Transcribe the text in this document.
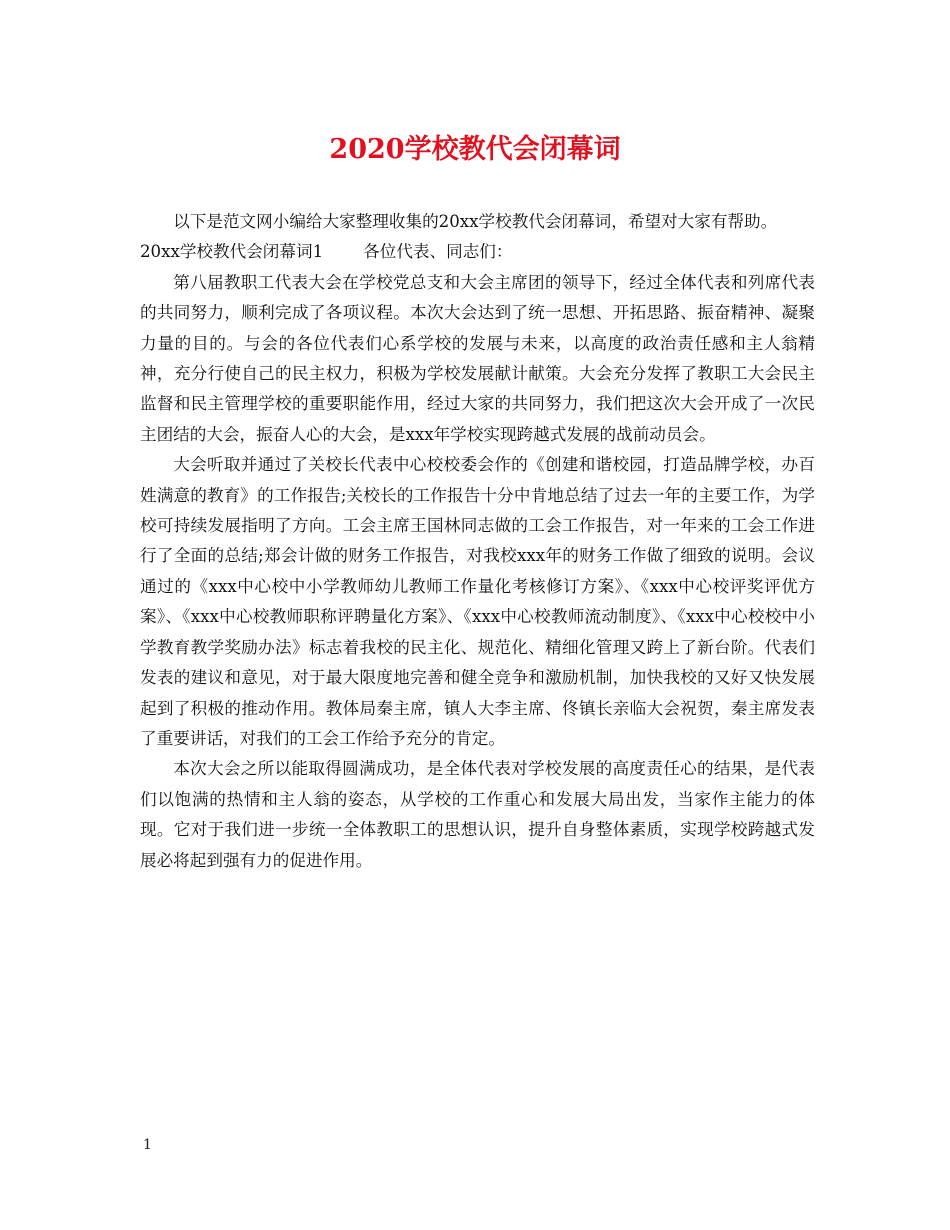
2020学校教代会闭幕词

以下是范文网小编给大家整理收集的20xx学校教代会闭幕词，希望对大家有帮助。

20xx学校教代会闭幕词1 各位代表、同志们：

第八届教职工代表大会在学校党总支和大会主席团的领导下，经过全体代表和列席代表的共同努力，顺利完成了各项议程。本次大会达到了统一思想、开拓思路、振奋精神、凝聚力量的目的。与会的各位代表们心系学校的发展与未来，以高度的政治责任感和主人翁精神，充分行使自己的民主权力，积极为学校发展献计献策。大会充分发挥了教职工大会民主监督和民主管理学校的重要职能作用，经过大家的共同努力，我们把这次大会开成了一次民主团结的大会，振奋人心的大会，是xxx年学校实现跨越式发展的战前动员会。

大会听取并通过了关校长代表中心校校委会作的《创建和谐校园，打造品牌学校，办百姓满意的教育》的工作报告;关校长的工作报告十分中肯地总结了过去一年的主要工作，为学校可持续发展指明了方向。工会主席王国林同志做的工会工作报告，对一年来的工会工作进行了全面的总结;郑会计做的财务工作报告，对我校xxx年的财务工作做了细致的说明。会议通过的《xxx中心校中小学教师幼儿教师工作量化考核修订方案》、《xxx中心校评奖评优方案》、《xxx中心校教师职称评聘量化方案》、《xxx中心校教师流动制度》、《xxx中心校校中小学教育教学奖励办法》标志着我校的民主化、规范化、精细化管理又跨上了新台阶。代表们发表的建议和意见，对于最大限度地完善和健全竞争和激励机制，加快我校的又好又快发展起到了积极的推动作用。教体局秦主席，镇人大李主席、佟镇长亲临大会祝贺，秦主席发表了重要讲话，对我们的工会工作给予充分的肯定。

本次大会之所以能取得圆满成功，是全体代表对学校发展的高度责任心的结果，是代表们以饱满的热情和主人翁的姿态，从学校的工作重心和发展大局出发，当家作主能力的体现。它对于我们进一步统一全体教职工的思想认识，提升自身整体素质，实现学校跨越式发展必将起到强有力的促进作用。

1
